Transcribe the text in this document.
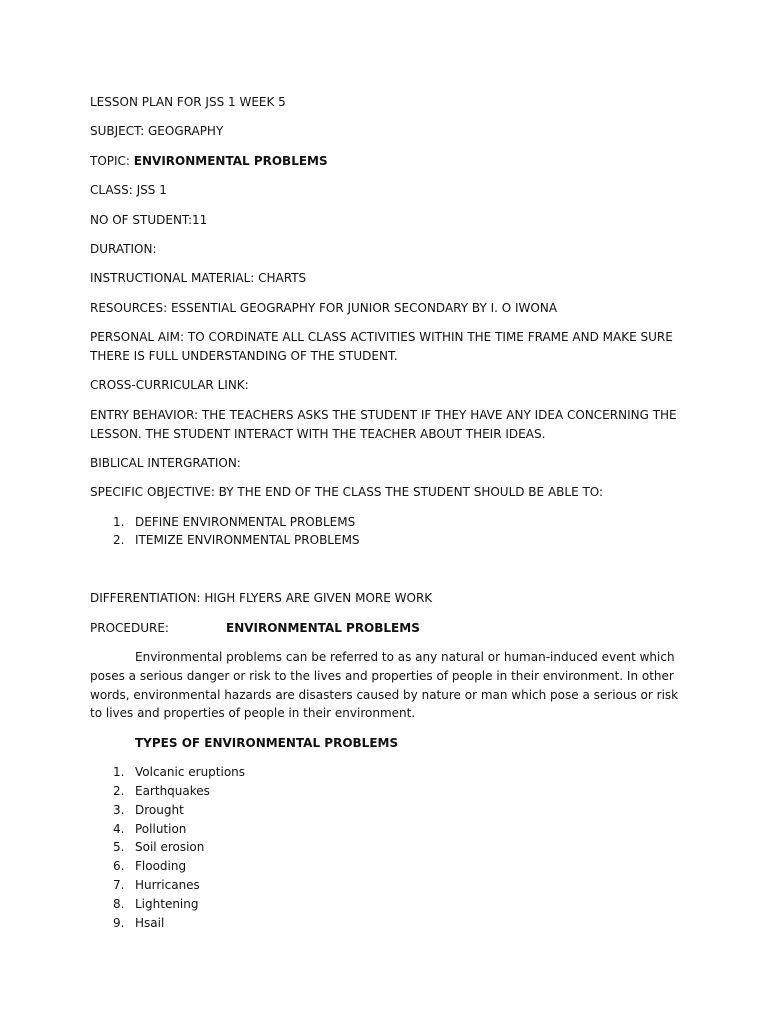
LESSON PLAN FOR JSS 1 WEEK 5

SUBJECT: GEOGRAPHY

TOPIC: ENVIRONMENTAL PROBLEMS

CLASS: JSS 1

NO OF STUDENT:11

DURATION:

INSTRUCTIONAL MATERIAL: CHARTS

RESOURCES: ESSENTIAL GEOGRAPHY FOR JUNIOR SECONDARY BY I. O IWONA

PERSONAL AIM: TO CORDINATE ALL CLASS ACTIVITIES WITHIN THE TIME FRAME AND MAKE SURE THERE IS FULL UNDERSTANDING OF THE STUDENT.

CROSS-CURRICULAR LINK:

ENTRY BEHAVIOR: THE TEACHERS ASKS THE STUDENT IF THEY HAVE ANY IDEA CONCERNING THE LESSON. THE STUDENT INTERACT WITH THE TEACHER ABOUT THEIR IDEAS.

BIBLICAL INTERGRATION:

SPECIFIC OBJECTIVE: BY THE END OF THE CLASS THE STUDENT SHOULD BE ABLE TO:

1. DEFINE ENVIRONMENTAL PROBLEMS
2. ITEMIZE ENVIRONMENTAL PROBLEMS

DIFFERENTIATION: HIGH FLYERS ARE GIVEN MORE WORK

PROCEDURE:	ENVIRONMENTAL PROBLEMS

Environmental problems can be referred to as any natural or human-induced event which poses a serious danger or risk to the lives and properties of people in their environment. In other words, environmental hazards are disasters caused by nature or man which pose a serious or risk to lives and properties of people in their environment.

TYPES OF ENVIRONMENTAL PROBLEMS

1. Volcanic eruptions
2. Earthquakes
3. Drought
4. Pollution
5. Soil erosion
6. Flooding
7. Hurricanes
8. Lightening
9. Hsail
